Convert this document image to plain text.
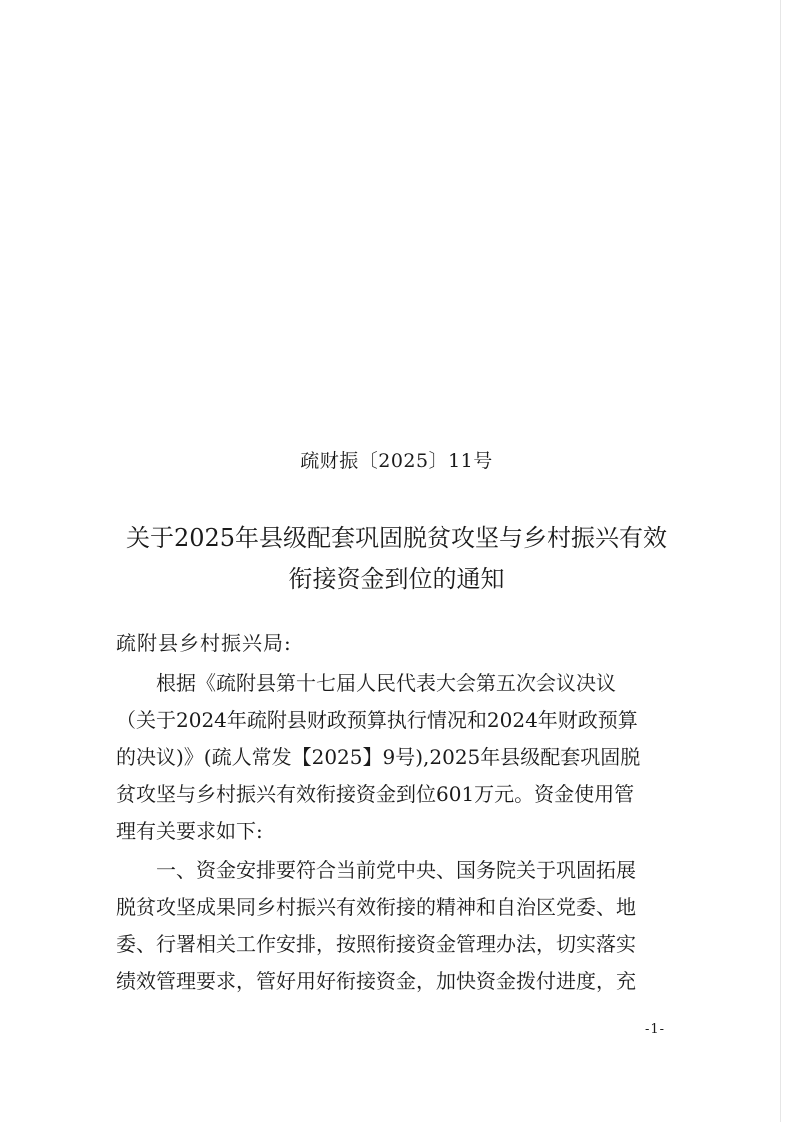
疏财振〔2025〕11号
关于2025年县级配套巩固脱贫攻坚与乡村振兴有效
衔接资金到位的通知
疏附县乡村振兴局:
　　根据《疏附县第十七届人民代表大会第五次会议决议
（关于2024年疏附县财政预算执行情况和2024年财政预算
的决议)》(疏人常发【2025】9号),2025年县级配套巩固脱
贫攻坚与乡村振兴有效衔接资金到位601万元。资金使用管
理有关要求如下:
　　一、资金安排要符合当前党中央、国务院关于巩固拓展
脱贫攻坚成果同乡村振兴有效衔接的精神和自治区党委、地
委、行署相关工作安排，按照衔接资金管理办法，切实落实
绩效管理要求，管好用好衔接资金，加快资金拨付进度，充
-1-
